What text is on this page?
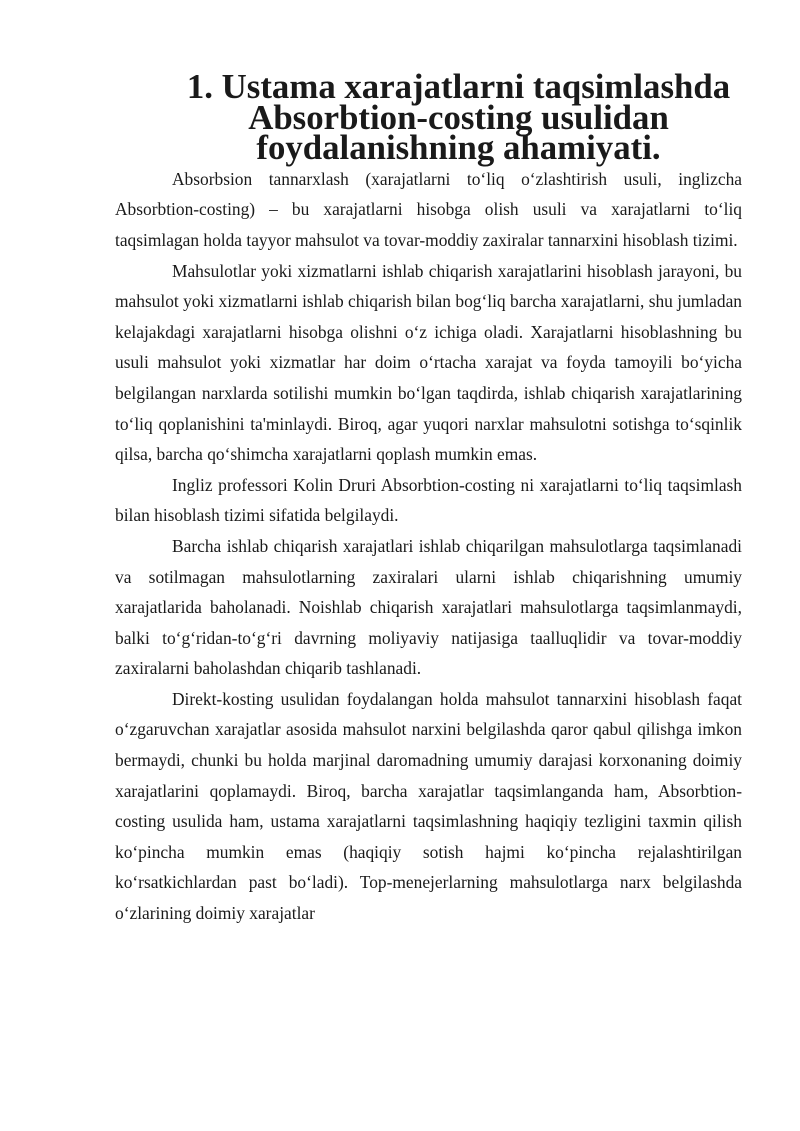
1. Ustama xarajatlarni taqsimlashda Absorbtion-costing usulidan
foydalanishning ahamiyati.

Absorbsion tannarxlash (xarajatlarni to‘liq o‘zlashtirish usuli, inglizcha Absorbtion-costing) – bu xarajatlarni hisobga olish usuli va xarajatlarni to‘liq taqsimlagan holda tayyor mahsulot va tovar-moddiy zaxiralar tannarxini hisoblash tizimi.

Mahsulotlar yoki xizmatlarni ishlab chiqarish xarajatlarini hisoblash jarayoni, bu mahsulot yoki xizmatlarni ishlab chiqarish bilan bog‘liq barcha xarajatlarni, shu jumladan kelajakdagi xarajatlarni hisobga olishni o‘z ichiga oladi. Xarajatlarni hisoblashning bu usuli mahsulot yoki xizmatlar har doim o‘rtacha xarajat va foyda tamoyili bo‘yicha belgilangan narxlarda sotilishi mumkin bo‘lgan taqdirda, ishlab chiqarish xarajatlarining to‘liq qoplanishini ta'minlaydi. Biroq, agar yuqori narxlar mahsulotni sotishga to‘sqinlik qilsa, barcha qo‘shimcha xarajatlarni qoplash mumkin emas.

Ingliz professori Kolin Druri Absorbtion-costing ni xarajatlarni to‘liq taqsimlash bilan hisoblash tizimi sifatida belgilaydi.

Barcha ishlab chiqarish xarajatlari ishlab chiqarilgan mahsulotlarga taqsimlanadi va sotilmagan mahsulotlarning zaxiralari ularni ishlab chiqarishning umumiy xarajatlarida baholanadi. Noishlab chiqarish xarajatlari mahsulotlarga taqsimlanmaydi, balki to‘g‘ridan-to‘g‘ri davrning moliyaviy natijasiga taalluqlidir va tovar-moddiy zaxiralarni baholashdan chiqarib tashlanadi.

Direkt-kosting usulidan foydalangan holda mahsulot tannarxini hisoblash faqat o‘zgaruvchan xarajatlar asosida mahsulot narxini belgilashda qaror qabul qilishga imkon bermaydi, chunki bu holda marjinal daromadning umumiy darajasi korxonaning doimiy xarajatlarini qoplamaydi. Biroq, barcha xarajatlar taqsimlanganda ham, Absorbtion-costing usulida ham, ustama xarajatlarni taqsimlashning haqiqiy tezligini taxmin qilish ko‘pincha mumkin emas (haqiqiy sotish hajmi ko‘pincha rejalashtirilgan ko‘rsatkichlardan past bo‘ladi). Top-menejerlarning mahsulotlarga narx belgilashda o‘zlarining doimiy xarajatlar
